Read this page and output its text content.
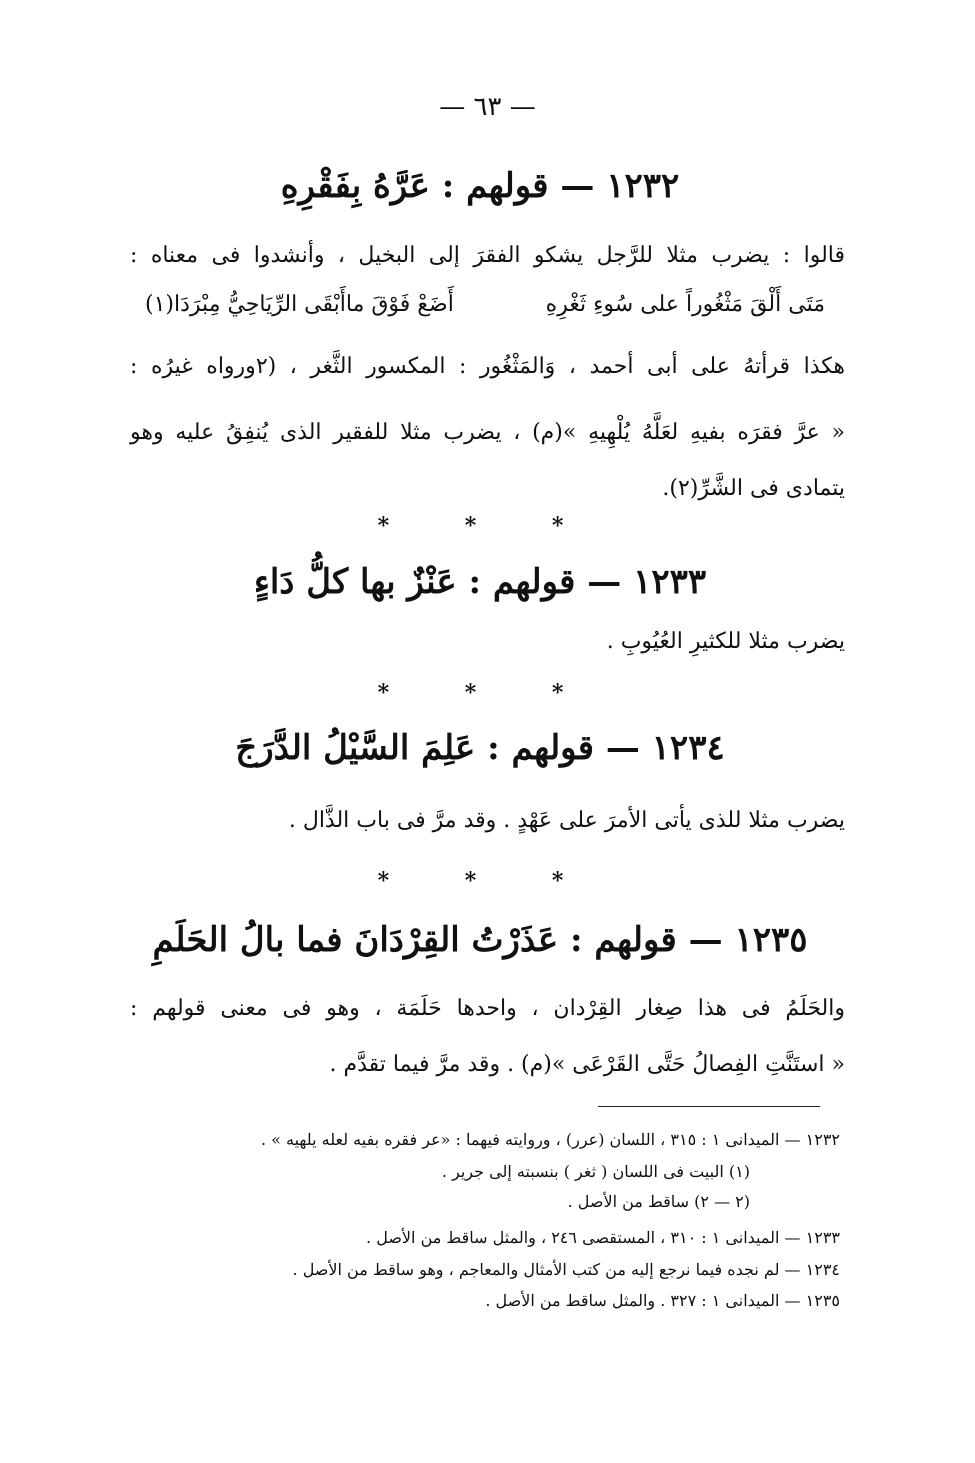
— ٦٣ —
١٢٣٢ — قولهم : عَرَّهُ بِفَقْرِهِ
قالوا : يضرب مثلا للرَّجل يشكو الفقرَ إلى البخيل ، وأنشدوا فى معناه :
مَتَى أَلْقَ مَثْغُوراً على سُوءِ ثَغْرِهِ
أَضَعْ فَوْقَ ماأَبْقَى الرِّيَاحِيُّ مِبْرَدَا(١)
هكذا قرأتهُ على أبى أحمد ، وَالمَثْغُور : المكسور الثَّغر ، (٢ورواه غيرُه :
« عرَّ فقرَه بفيهِ لعَلَّهُ يُلْهِيهِ »(م) ، يضرب مثلا للفقير الذى يُنفِقُ عليه وهو
يتمادى فى الشَّرِّ(٢).
* * *
١٢٣٣ — قولهم : عَنْزٌ بها كلُّ دَاءٍ
يضرب مثلا للكثيرِ العُيُوبِ .
* * *
١٢٣٤ — قولهم : عَلِمَ السَّيْلُ الدَّرَجَ
يضرب مثلا للذى يأتى الأمرَ على عَهْدٍ . وقد مرَّ فى باب الذَّال .
* * *
١٢٣٥ — قولهم : عَذَرْتُ القِرْدَانَ فما بالُ الحَلَمِ
والحَلَمُ فى هذا صِغار القِرْدان ، واحدها حَلَمَة ، وهو فى معنى قولهم :
« استَنَّتِ الفِصالُ حَتَّى القَرْعَى »(م) . وقد مرَّ فيما تقدَّم .
١٢٣٢ — الميدانى ١ : ٣١٥ ، اللسان (عرر) ، وروايته فيهما : «عر فقره بفيه لعله يلهيه » .
(١) البيت فى اللسان ( ثغر ) بنسبته إلى جرير .
(٢ — ٢) ساقط من الأصل .
١٢٣٣ — الميدانى ١ : ٣١٠ ، المستقصى ٢٤٦ ، والمثل ساقط من الأصل .
١٢٣٤ — لم نجده فيما نرجع إليه من كتب الأمثال والمعاجم ، وهو ساقط من الأصل .
١٢٣٥ — الميدانى ١ : ٣٢٧ . والمثل ساقط من الأصل .
